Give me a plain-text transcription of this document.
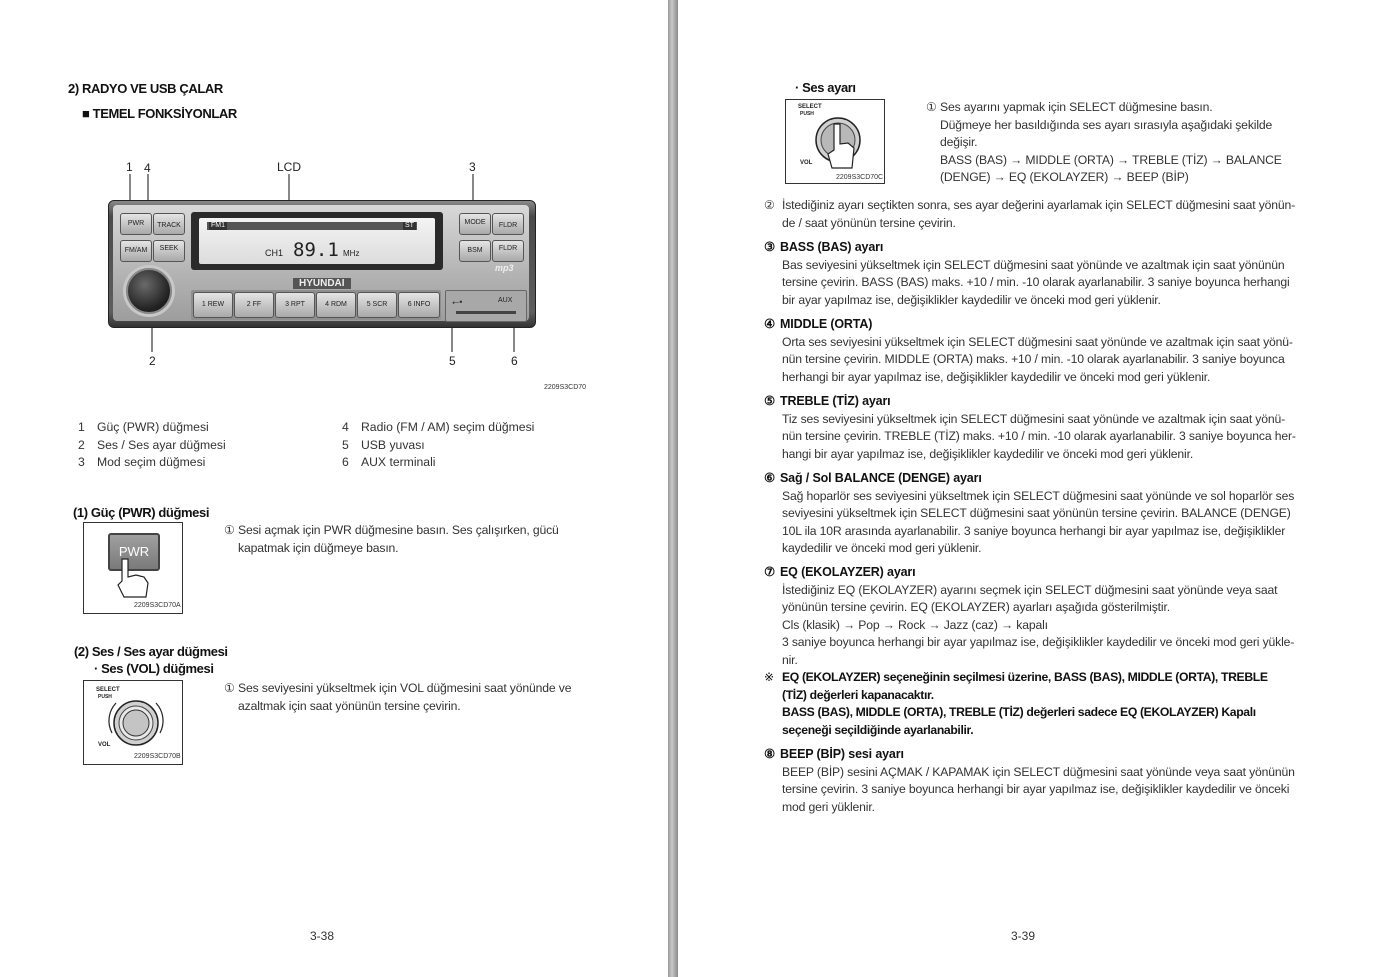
2) RADYO VE USB ÇALAR
■ TEMEL FONKSİYONLAR
1 4	LCD	3
2	5	6
PWR	TRACK
FM/AM	SEEK
FM1	ST
CH1 89.1 MHz
MODE	FLDR
BSM	FLDR
mp3
HYUNDAI
1 REW	2 FF	3 RPT	4 RDM	5 SCR	6 INFO	⭠•	AUX
2209S3CD70
1 Güç (PWR) düğmesi
2 Ses / Ses ayar düğmesi
3 Mod seçim düğmesi
4 Radio (FM / AM) seçim düğmesi
5 USB yuvası
6 AUX terminali
(1) Güç (PWR) düğmesi
PWR
2209S3CD70A
① Sesi açmak için PWR düğmesine basın. Ses çalışırken, gücü
kapatmak için düğmeye basın.
(2) Ses / Ses ayar düğmesi
· Ses (VOL) düğmesi
SELECT
PUSH
VOL
2209S3CD70B
① Ses seviyesini yükseltmek için VOL düğmesini saat yönünde ve
azaltmak için saat yönünün tersine çevirin.
3-38
· Ses ayarı
SELECT
PUSH
VOL
2209S3CD70C
① Ses ayarını yapmak için SELECT düğmesine basın.
Düğmeye her basıldığında ses ayarı sırasıyla aşağıdaki şekilde
değişir.
BASS (BAS) → MIDDLE (ORTA) → TREBLE (TİZ) → BALANCE
(DENGE) → EQ (EKOLAYZER) → BEEP (BİP)
② İstediğiniz ayarı seçtikten sonra, ses ayar değerini ayarlamak için SELECT düğmesini saat yönün-
de / saat yönünün tersine çevirin.
③ BASS (BAS) ayarı
Bas seviyesini yükseltmek için SELECT düğmesini saat yönünde ve azaltmak için saat yönünün
tersine çevirin. BASS (BAS) maks. +10 / min. -10 olarak ayarlanabilir. 3 saniye boyunca herhangi
bir ayar yapılmaz ise, değişiklikler kaydedilir ve önceki mod geri yüklenir.
④ MIDDLE (ORTA)
Orta ses seviyesini yükseltmek için SELECT düğmesini saat yönünde ve azaltmak için saat yönü-
nün tersine çevirin. MIDDLE (ORTA) maks. +10 / min. -10 olarak ayarlanabilir. 3 saniye boyunca
herhangi bir ayar yapılmaz ise, değişiklikler kaydedilir ve önceki mod geri yüklenir.
⑤ TREBLE (TİZ) ayarı
Tiz ses seviyesini yükseltmek için SELECT düğmesini saat yönünde ve azaltmak için saat yönü-
nün tersine çevirin. TREBLE (TİZ) maks. +10 / min. -10 olarak ayarlanabilir. 3 saniye boyunca her-
hangi bir ayar yapılmaz ise, değişiklikler kaydedilir ve önceki mod geri yüklenir.
⑥ Sağ / Sol BALANCE (DENGE) ayarı
Sağ hoparlör ses seviyesini yükseltmek için SELECT düğmesini saat yönünde ve sol hoparlör ses
seviyesini yükseltmek için SELECT düğmesini saat yönünün tersine çevirin. BALANCE (DENGE)
10L ila 10R arasında ayarlanabilir. 3 saniye boyunca herhangi bir ayar yapılmaz ise, değişiklikler
kaydedilir ve önceki mod geri yüklenir.
⑦ EQ (EKOLAYZER) ayarı
İstediğiniz EQ (EKOLAYZER) ayarını seçmek için SELECT düğmesini saat yönünde veya saat
yönünün tersine çevirin. EQ (EKOLAYZER) ayarları aşağıda gösterilmiştir.
Cls (klasik) → Pop → Rock → Jazz (caz) → kapalı
3 saniye boyunca herhangi bir ayar yapılmaz ise, değişiklikler kaydedilir ve önceki mod geri yükle-
nir.
※ EQ (EKOLAYZER) seçeneğinin seçilmesi üzerine, BASS (BAS), MIDDLE (ORTA), TREBLE
(TİZ) değerleri kapanacaktır.
BASS (BAS), MIDDLE (ORTA), TREBLE (TİZ) değerleri sadece EQ (EKOLAYZER) Kapalı
seçeneği seçildiğinde ayarlanabilir.
⑧ BEEP (BİP) sesi ayarı
BEEP (BİP) sesini AÇMAK / KAPAMAK için SELECT düğmesini saat yönünde veya saat yönünün
tersine çevirin. 3 saniye boyunca herhangi bir ayar yapılmaz ise, değişiklikler kaydedilir ve önceki
mod geri yüklenir.
3-39
